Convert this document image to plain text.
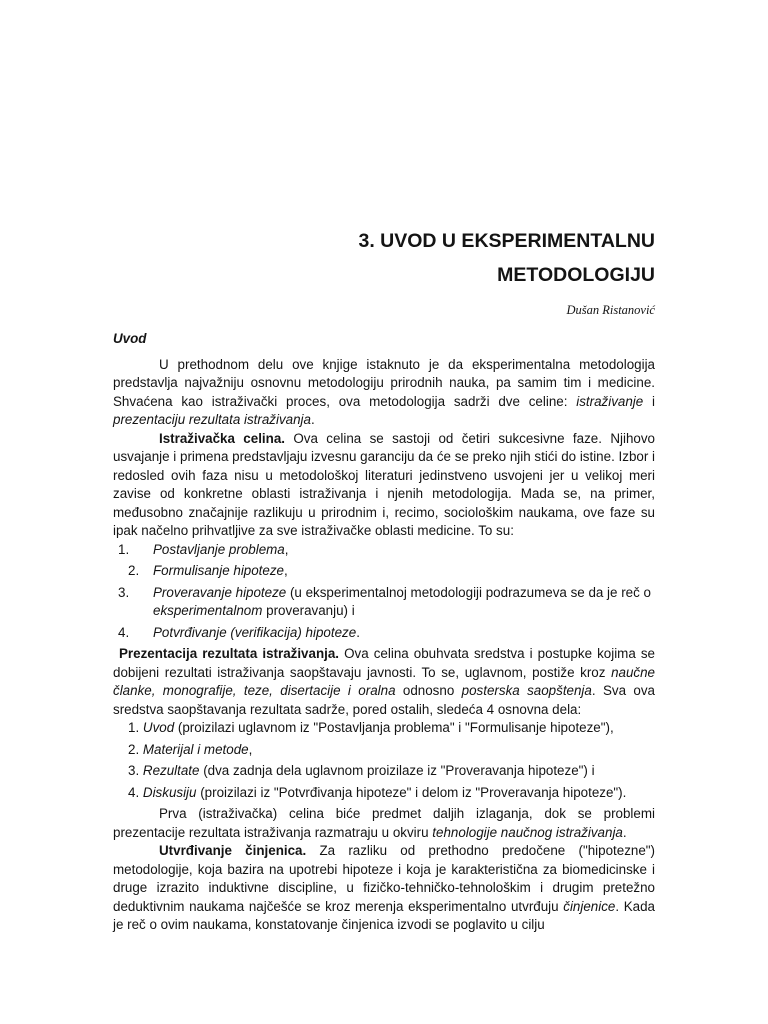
3. UVOD U EKSPERIMENTALNU
METODOLOGIJU
Dušan Ristanović

Uvod

U prethodnom delu ove knjige istaknuto je da eksperimentalna metodologija predstavlja najvažniju osnovnu metodologiju prirodnih nauka, pa samim tim i medicine. Shvaćena kao istraživački proces, ova metodologija sadrži dve celine: istraživanje i prezentaciju rezultata istraživanja.

Istraživačka celina. Ova celina se sastoji od četiri sukcesivne faze. Njihovo usvajanje i primena predstavljaju izvesnu garanciju da će se preko njih stići do istine. Izbor i redosled ovih faza nisu u metodološkoj literaturi jedinstveno usvojeni jer u velikoj meri zavise od konkretne oblasti istraživanja i njenih metodologija. Mada se, na primer, međusobno značajnije razlikuju u prirodnim i, recimo, sociološkim naukama, ove faze su ipak načelno prihvatljive za sve istraživačke oblasti medicine. To su:

1. Postavljanje problema,
2. Formulisanje hipoteze,
3. Proveravanje hipoteze (u eksperimentalnoj metodologiji podrazumeva se da je reč o eksperimentalnom proveravanju) i
4. Potvrđivanje (verifikacija) hipoteze.

Prezentacija rezultata istraživanja. Ova celina obuhvata sredstva i postupke kojima se dobijeni rezultati istraživanja saopštavaju javnosti. To se, uglavnom, postiže kroz naučne članke, monografije, teze, disertacije i oralna odnosno posterska saopštenja. Sva ova sredstva saopštavanja rezultata sadrže, pored ostalih, sledeća 4 osnovna dela:

1. Uvod (proizilazi uglavnom iz "Postavljanja problema" i "Formulisanje hipoteze"),
2. Materijal i metode,
3. Rezultate (dva zadnja dela uglavnom proizilaze iz "Proveravanja hipoteze") i
4. Diskusiju (proizilazi iz "Potvrđivanja hipoteze" i delom iz "Proveravanja hipoteze").

Prva (istraživačka) celina biće predmet daljih izlaganja, dok se problemi prezentacije rezultata istraživanja razmatraju u okviru tehnologije naučnog istraživanja.

Utvrđivanje činjenica. Za razliku od prethodno predočene ("hipotezne") metodologije, koja bazira na upotrebi hipoteze i koja je karakteristična za biomedicinske i druge izrazito induktivne discipline, u fizičko-tehničko-tehnološkim i drugim pretežno deduktivnim naukama najčešće se kroz merenja eksperimentalno utvrđuju činjenice. Kada je reč o ovim naukama, konstatovanje činjenica izvodi se poglavito u cilju
